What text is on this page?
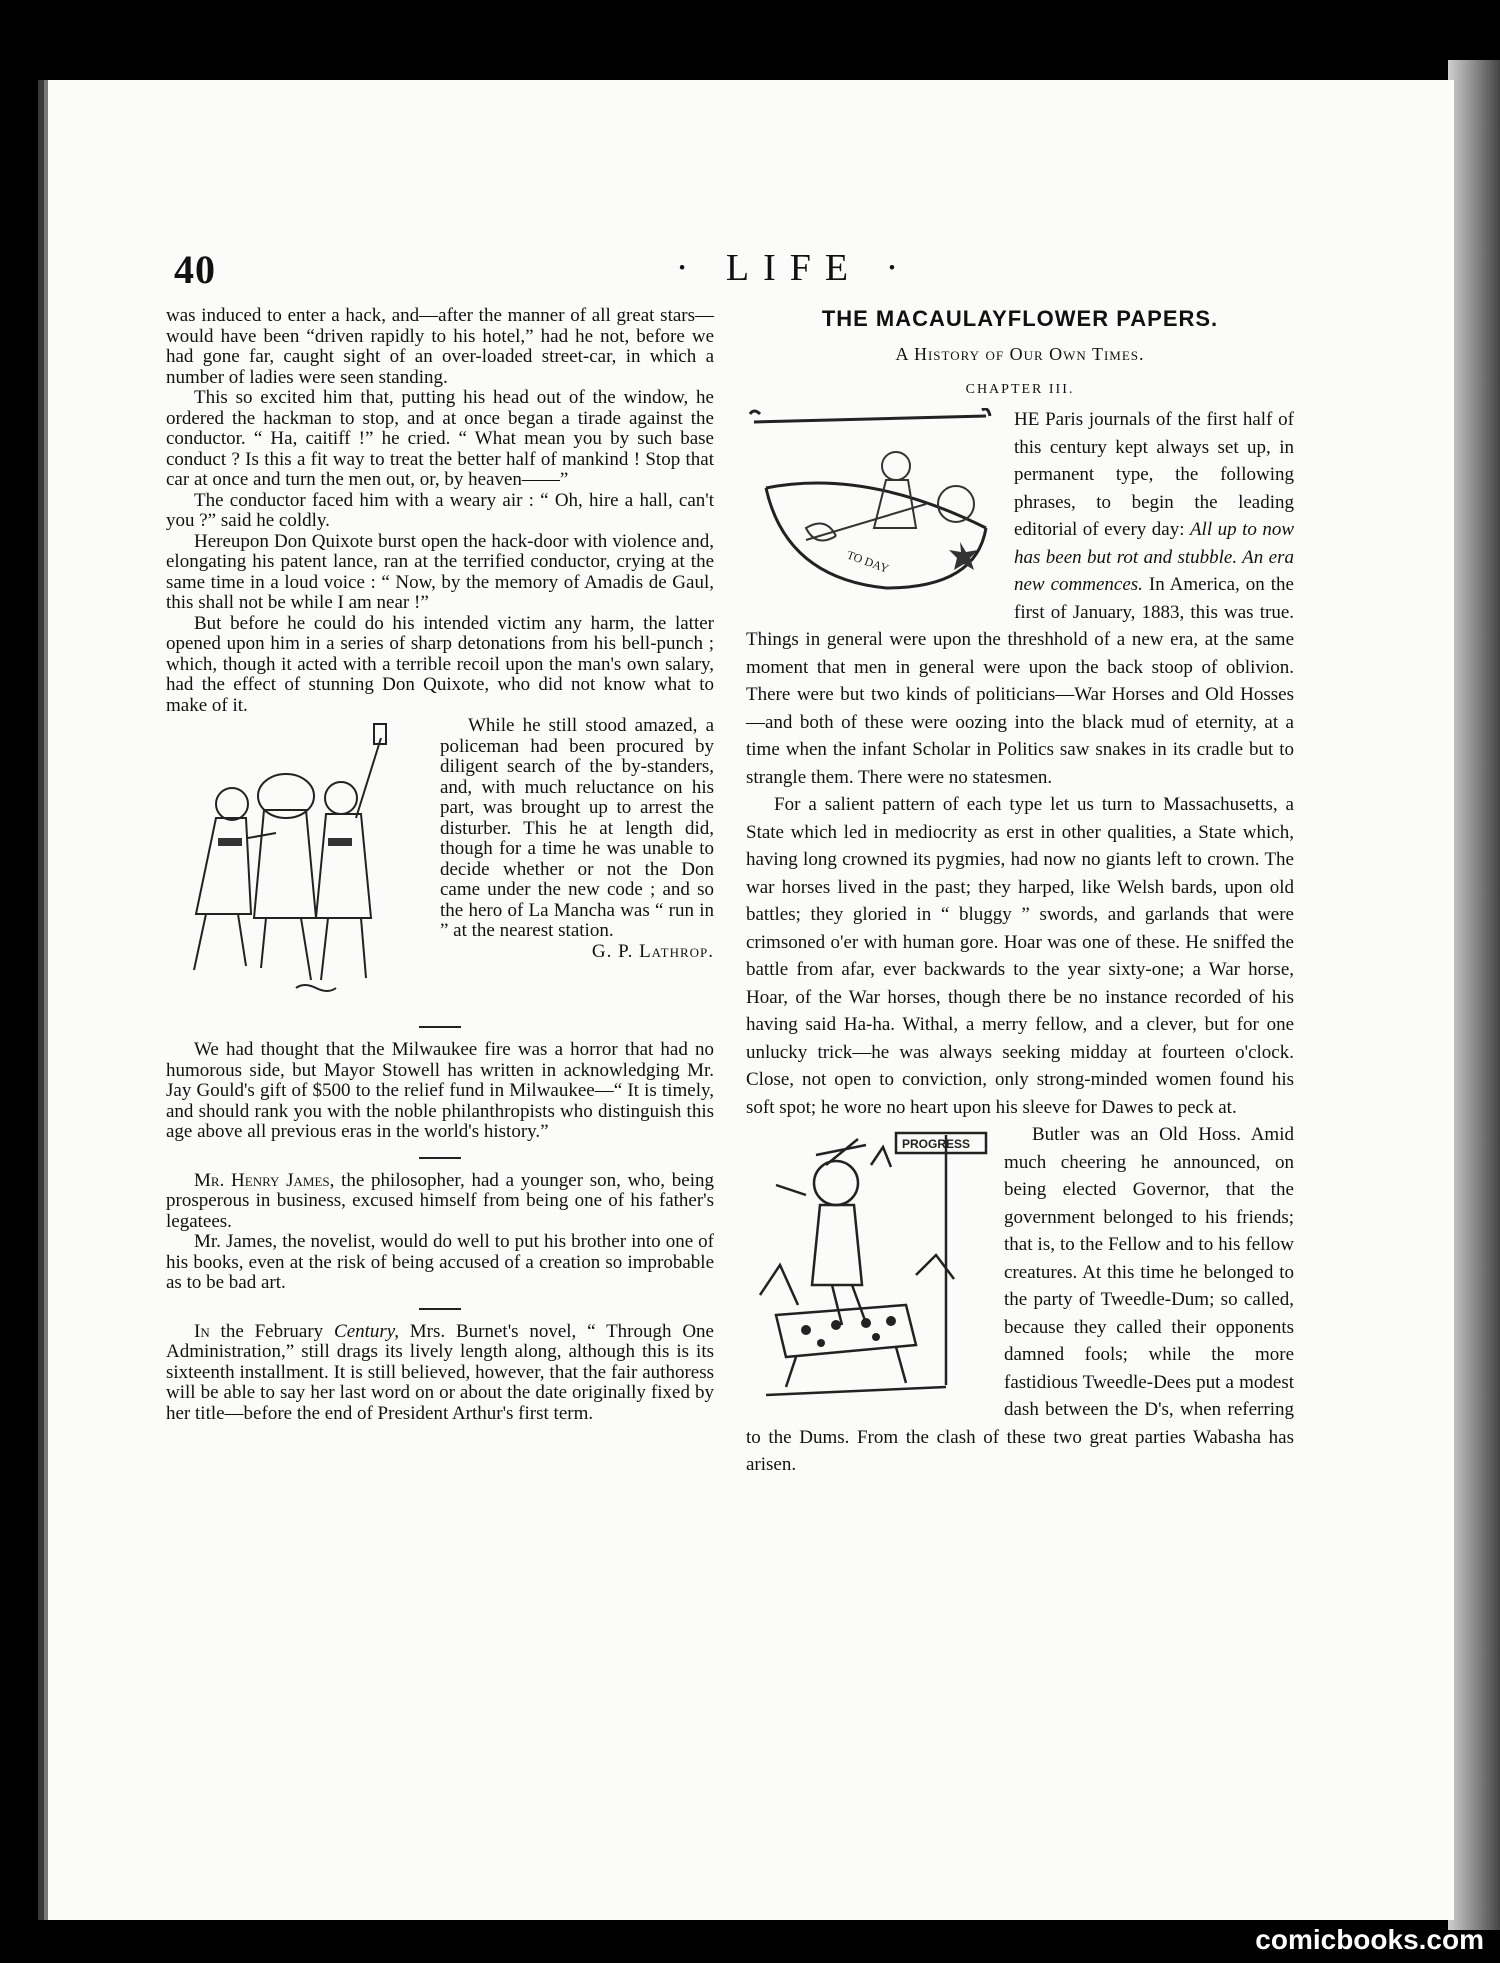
40	· LIFE ·

was induced to enter a hack, and—after the manner of all great stars—would have been “driven rapidly to his hotel,” had he not, before we had gone far, caught sight of an over-loaded street-car, in which a number of ladies were seen standing.

This so excited him that, putting his head out of the window, he ordered the hackman to stop, and at once began a tirade against the conductor. “ Ha, caitiff !” he cried. “ What mean you by such base conduct ? Is this a fit way to treat the better half of mankind ! Stop that car at once and turn the men out, or, by heaven——”

The conductor faced him with a weary air : “ Oh, hire a hall, can't you ?” said he coldly.

Hereupon Don Quixote burst open the hack-door with violence and, elongating his patent lance, ran at the terrified conductor, crying at the same time in a loud voice : “ Now, by the memory of Amadis de Gaul, this shall not be while I am near !”

But before he could do his intended victim any harm, the latter opened upon him in a series of sharp detonations from his bell-punch ; which, though it acted with a terrible recoil upon the man's own salary, had the effect of stunning Don Quixote, who did not know what to make of it.

While he still stood amazed, a policeman had been procured by diligent search of the by-standers, and, with much reluctance on his part, was brought up to arrest the disturber. This he at length did, though for a time he was unable to decide whether or not the Don came under the new code ; and so the hero of La Mancha was “ run in ” at the nearest station.

G. P. Lathrop.

We had thought that the Milwaukee fire was a horror that had no humorous side, but Mayor Stowell has written in acknowledging Mr. Jay Gould's gift of $500 to the relief fund in Milwaukee—“ It is timely, and should rank you with the noble philanthropists who distinguish this age above all previous eras in the world's history.”

Mr. Henry James, the philosopher, had a younger son, who, being prosperous in business, excused himself from being one of his father's legatees.

Mr. James, the novelist, would do well to put his brother into one of his books, even at the risk of being accused of a creation so improbable as to be bad art.

In the February Century, Mrs. Burnet's novel, “ Through One Administration,” still drags its lively length along, although this is its sixteenth installment. It is still believed, however, that the fair authoress will be able to say her last word on or about the date originally fixed by her title—before the end of President Arthur's first term.

THE MACAULAYFLOWER PAPERS.
A History of Our Own Times.
CHAPTER III.
TO DAY

HE Paris journals of the first half of this century kept always set up, in permanent type, the following phrases, to begin the leading editorial of every day: All up to now has been but rot and stubble. An era new commences. In America, on the first of January, 1883, this was true. Things in general were upon the threshhold of a new era, at the same moment that men in general were upon the back stoop of oblivion. There were but two kinds of politicians—War Horses and Old Hosses—and both of these were oozing into the black mud of eternity, at a time when the infant Scholar in Politics saw snakes in its cradle but to strangle them. There were no statesmen.

For a salient pattern of each type let us turn to Massachusetts, a State which led in mediocrity as erst in other qualities, a State which, having long crowned its pygmies, had now no giants left to crown. The war horses lived in the past; they harped, like Welsh bards, upon old battles; they gloried in “ bluggy ” swords, and garlands that were crimsoned o'er with human gore. Hoar was one of these. He sniffed the battle from afar, ever backwards to the year sixty-one; a War horse, Hoar, of the War horses, though there be no instance recorded of his having said Ha-ha. Withal, a merry fellow, and a clever, but for one unlucky trick—he was always seeking midday at fourteen o'clock. Close, not open to conviction, only strong-minded women found his soft spot; he wore no heart upon his sleeve for Dawes to peck at.

PROGRESS	Butler was an Old Hoss. Amid much cheering he announced, on being elected Governor, that the government belonged to his friends; that is, to the Fellow and to his fellow creatures. At this time he belonged to the party of Tweedle-Dum; so called, because they called their opponents damned fools; while the more fastidious Tweedle-Dees put a modest dash between the D's, when referring to the Dums. From the clash of these two great parties Wabasha has arisen.

comicbooks.com
